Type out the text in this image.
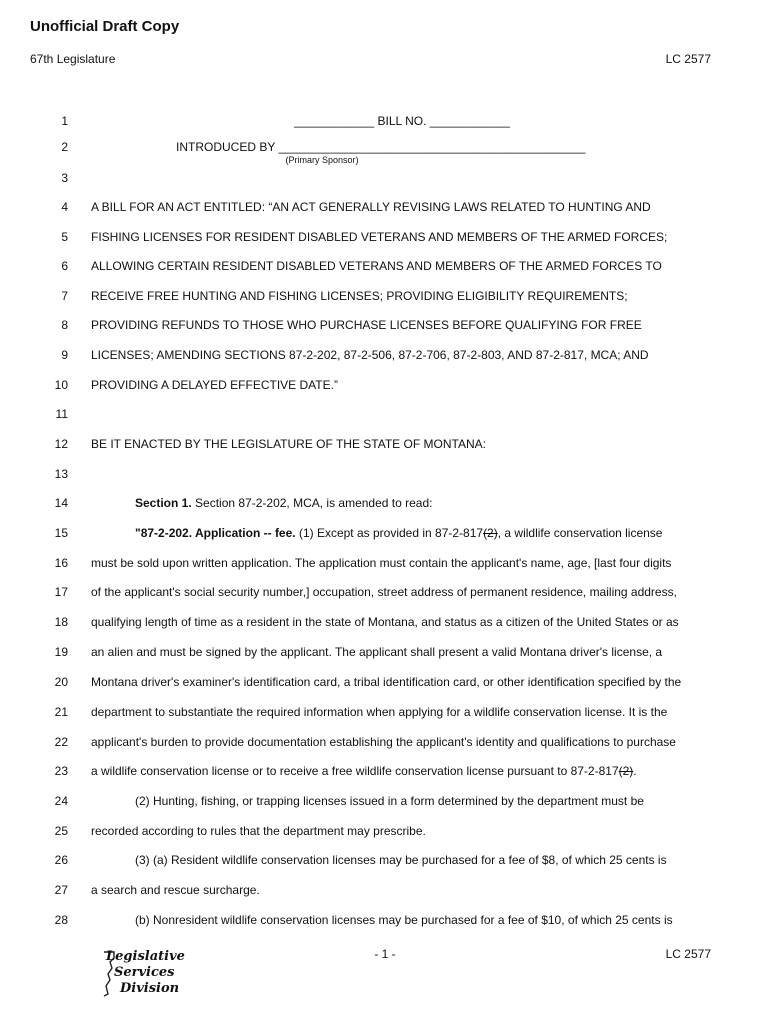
Unofficial Draft Copy
67th Legislature	LC 2577
1	____________ BILL NO. ____________
2	INTRODUCED BY ______________________________________________
(Primary Sponsor)
3
4 A BILL FOR AN ACT ENTITLED: “AN ACT GENERALLY REVISING LAWS RELATED TO HUNTING AND
5 FISHING LICENSES FOR RESIDENT DISABLED VETERANS AND MEMBERS OF THE ARMED FORCES;
6 ALLOWING CERTAIN RESIDENT DISABLED VETERANS AND MEMBERS OF THE ARMED FORCES TO
7 RECEIVE FREE HUNTING AND FISHING LICENSES; PROVIDING ELIGIBILITY REQUIREMENTS;
8 PROVIDING REFUNDS TO THOSE WHO PURCHASE LICENSES BEFORE QUALIFYING FOR FREE
9 LICENSES; AMENDING SECTIONS 87-2-202, 87-2-506, 87-2-706, 87-2-803, AND 87-2-817, MCA; AND
10 PROVIDING A DELAYED EFFECTIVE DATE.”
11
12 BE IT ENACTED BY THE LEGISLATURE OF THE STATE OF MONTANA:
13
14	Section 1. Section 87-2-202, MCA, is amended to read:
15	"87-2-202. Application -- fee. (1) Except as provided in 87-2-817(2), a wildlife conservation license
16 must be sold upon written application. The application must contain the applicant's name, age, [last four digits
17 of the applicant's social security number,] occupation, street address of permanent residence, mailing address,
18 qualifying length of time as a resident in the state of Montana, and status as a citizen of the United States or as
19 an alien and must be signed by the applicant. The applicant shall present a valid Montana driver's license, a
20 Montana driver's examiner's identification card, a tribal identification card, or other identification specified by the
21 department to substantiate the required information when applying for a wildlife conservation license. It is the
22 applicant's burden to provide documentation establishing the applicant's identity and qualifications to purchase
23 a wildlife conservation license or to receive a free wildlife conservation license pursuant to 87-2-817(2).
24	(2) Hunting, fishing, or trapping licenses issued in a form determined by the department must be
25 recorded according to rules that the department may prescribe.
26	(3) (a) Resident wildlife conservation licenses may be purchased for a fee of $8, of which 25 cents is
27 a search and rescue surcharge.
28	(b) Nonresident wildlife conservation licenses may be purchased for a fee of $10, of which 25 cents is
Legislative
Services
Division
- 1 -	LC 2577
